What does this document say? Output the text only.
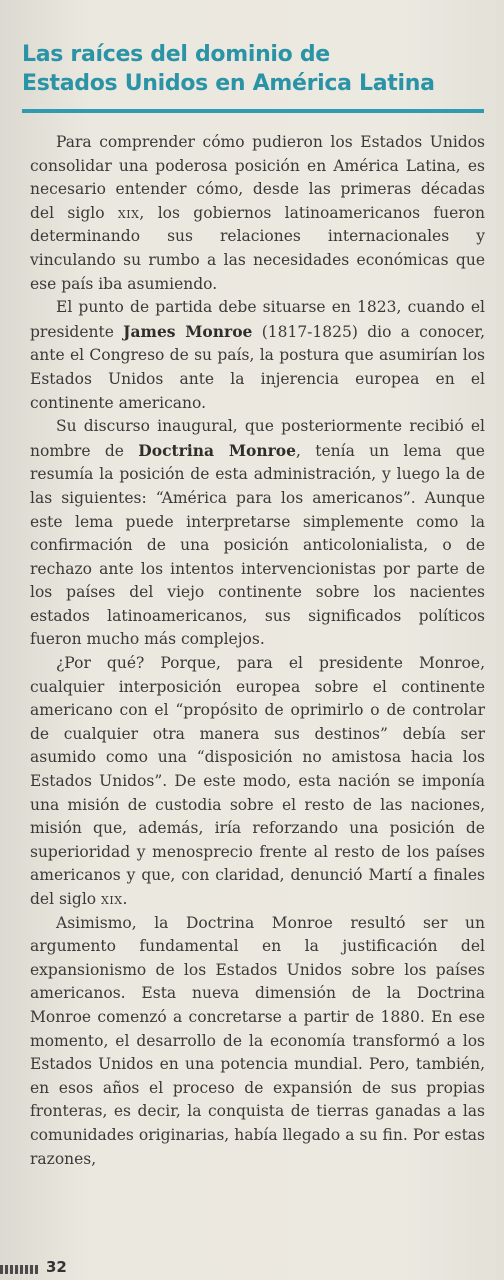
Las raíces del dominio de
Estados Unidos en América Latina

Para comprender cómo pudieron los Estados Unidos consolidar una poderosa posición en América Latina, es necesario entender cómo, desde las primeras décadas del siglo xix, los gobiernos latinoamericanos fueron determinando sus relaciones internacionales y vinculando su rumbo a las necesidades económicas que ese país iba asumiendo.

El punto de partida debe situarse en 1823, cuando el presidente James Monroe (1817-1825) dio a conocer, ante el Congreso de su país, la postura que asumirían los Estados Unidos ante la injerencia europea en el continente americano.

Su discurso inaugural, que posteriormente recibió el nombre de Doctrina Monroe, tenía un lema que resumía la posición de esta administración, y luego la de las siguientes: “América para los americanos”. Aunque este lema puede interpretarse simplemente como la confirmación de una posición anticolonialista, o de rechazo ante los intentos intervencionistas por parte de los países del viejo continente sobre los nacientes estados latinoamericanos, sus significados políticos fueron mucho más complejos.

¿Por qué? Porque, para el presidente Monroe, cualquier interposición europea sobre el continente americano con el “propósito de oprimirlo o de controlar de cualquier otra manera sus destinos” debía ser asumido como una “disposición no amistosa hacia los Estados Unidos”. De este modo, esta nación se imponía una misión de custodia sobre el resto de las naciones, misión que, además, iría reforzando una posición de superioridad y menosprecio frente al resto de los países americanos y que, con claridad, denunció Martí a finales del siglo xix.

Asimismo, la Doctrina Monroe resultó ser un argumento fundamental en la justificación del expansionismo de los Estados Unidos sobre los países americanos. Esta nueva dimensión de la Doctrina Monroe comenzó a concretarse a partir de 1880. En ese momento, el desarrollo de la economía transformó a los Estados Unidos en una potencia mundial. Pero, también, en esos años el proceso de expansión de sus propias fronteras, es decir, la conquista de tierras ganadas a las comunidades originarias, había llegado a su fin. Por estas razones,

32
